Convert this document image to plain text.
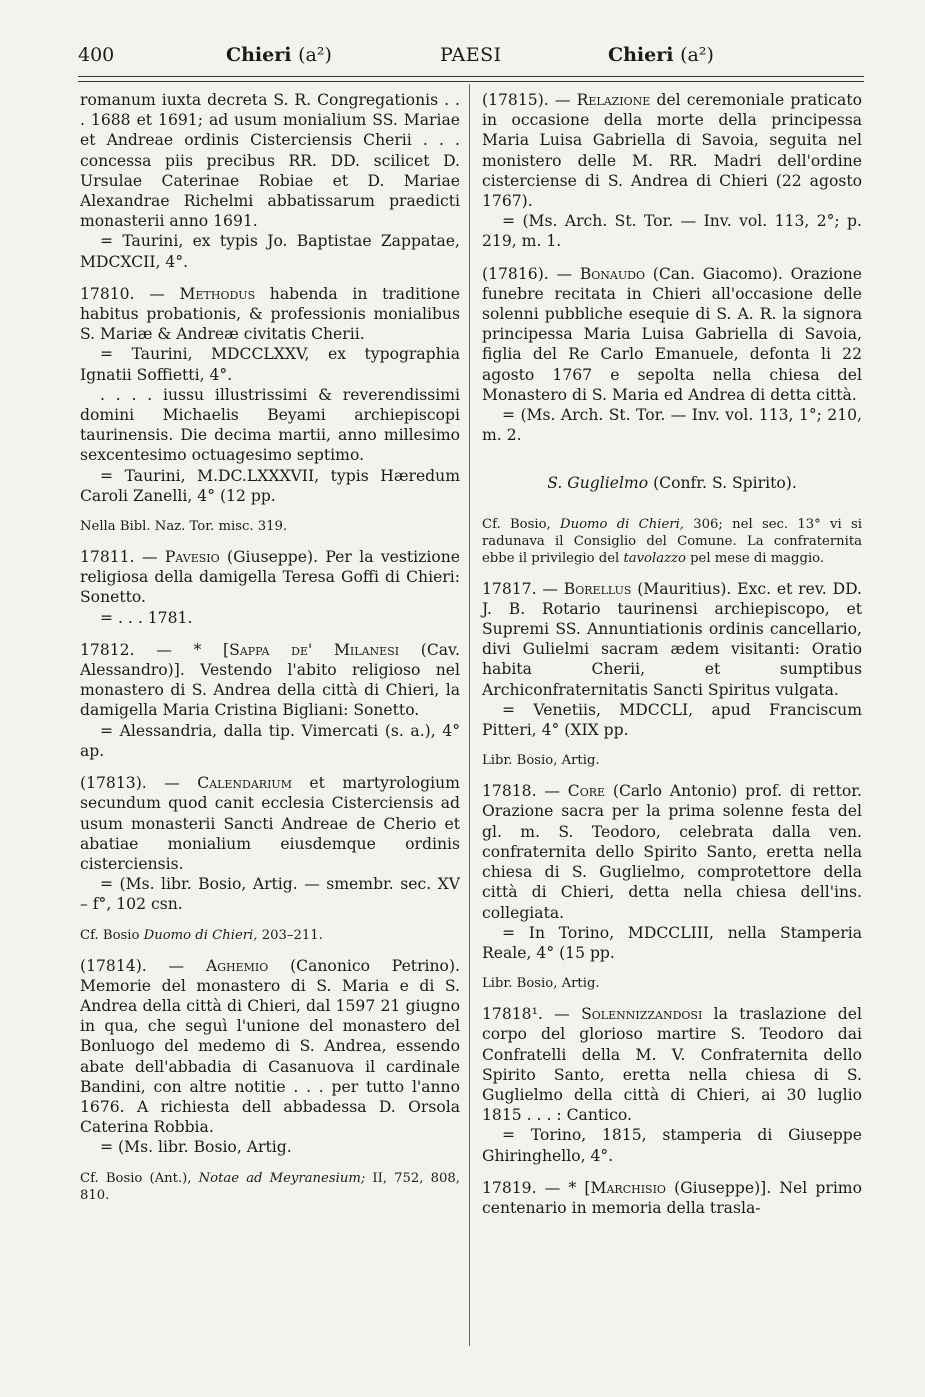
400	Chieri (a²)	PAESI	Chieri (a²)

romanum iuxta decreta S. R. Congregationis . . . 1688 et 1691; ad usum monialium SS. Mariae et Andreae ordinis Cisterciensis Cherii . . . concessa piis precibus RR. DD. scilicet D. Ursulae Caterinae Robiae et D. Mariae Alexandrae Richelmi abbatissarum praedicti monasterii anno 1691.

= Taurini, ex typis Jo. Baptistae Zappatae, MDCXCII, 4°.

17810. — Methodus habenda in traditione habitus probationis, & professionis monialibus S. Mariæ & Andreæ civitatis Cherii.

= Taurini, MDCCLXXV, ex typographia Ignatii Soffietti, 4°.

. . . . iussu illustrissimi & reverendissimi domini Michaelis Beyami archiepiscopi taurinensis. Die decima martii, anno millesimo sexcentesimo octuagesimo septimo.

= Taurini, M.DC.LXXXVII, typis Hæredum Caroli Zanelli, 4° (12 pp.

Nella Bibl. Naz. Tor. misc. 319.

17811. — Pavesio (Giuseppe). Per la vestizione religiosa della damigella Teresa Goffi di Chieri: Sonetto.

= . . . 1781.

17812. — * [Sappa de' Milanesi (Cav. Alessandro)]. Vestendo l'abito religioso nel monastero di S. Andrea della città di Chieri, la damigella Maria Cristina Bigliani: Sonetto.

= Alessandria, dalla tip. Vimercati (s. a.), 4° ap.

(17813). — Calendarium et martyrologium secundum quod canit ecclesia Cisterciensis ad usum monasterii Sancti Andreae de Cherio et abatiae monialium eiusdemque ordinis cisterciensis.

= (Ms. libr. Bosio, Artig. — smembr. sec. XV – f°, 102 csn.

Cf. Bosio Duomo di Chieri, 203–211.

(17814). — Aghemio (Canonico Petrino). Memorie del monastero di S. Maria e di S. Andrea della città di Chieri, dal 1597 21 giugno in qua, che seguì l'unione del monastero del Bonluogo del medemo di S. Andrea, essendo abate dell'abbadia di Casanuova il cardinale Bandini, con altre notitie . . . per tutto l'anno 1676. A richiesta dell abbadessa D. Orsola Caterina Robbia.

= (Ms. libr. Bosio, Artig.

Cf. Bosio (Ant.), Notae ad Meyranesium; II, 752, 808, 810.

(17815). — Relazione del ceremoniale praticato in occasione della morte della principessa Maria Luisa Gabriella di Savoia, seguita nel monistero delle M. RR. Madri dell'ordine cisterciense di S. Andrea di Chieri (22 agosto 1767).

= (Ms. Arch. St. Tor. — Inv. vol. 113, 2°; p. 219, m. 1.

(17816). — Bonaudo (Can. Giacomo). Orazione funebre recitata in Chieri all'occasione delle solenni pubbliche esequie di S. A. R. la signora principessa Maria Luisa Gabriella di Savoia, figlia del Re Carlo Emanuele, defonta li 22 agosto 1767 e sepolta nella chiesa del Monastero di S. Maria ed Andrea di detta città.

= (Ms. Arch. St. Tor. — Inv. vol. 113, 1°; 210, m. 2.

S. Guglielmo (Confr. S. Spirito).
Cf. Bosio, Duomo di Chieri, 306; nel sec. 13° vi si radunava il Consiglio del Comune. La confraternita ebbe il privilegio del tavolazzo pel mese di maggio.

17817. — Borellus (Mauritius). Exc. et rev. DD. J. B. Rotario taurinensi archiepiscopo, et Supremi SS. Annuntiationis ordinis cancellario, divi Gulielmi sacram ædem visitanti: Oratio habita Cherii, et sumptibus Archiconfraternitatis Sancti Spiritus vulgata.

= Venetiis, MDCCLI, apud Franciscum Pitteri, 4° (XIX pp.

Libr. Bosio, Artig.

17818. — Core (Carlo Antonio) prof. di rettor. Orazione sacra per la prima solenne festa del gl. m. S. Teodoro, celebrata dalla ven. confraternita dello Spirito Santo, eretta nella chiesa di S. Guglielmo, comprotettore della città di Chieri, detta nella chiesa dell'ins. collegiata.

= In Torino, MDCCLIII, nella Stamperia Reale, 4° (15 pp.

Libr. Bosio, Artig.

17818¹. — Solennizzandosi la traslazione del corpo del glorioso martire S. Teodoro dai Confratelli della M. V. Confraternita dello Spirito Santo, eretta nella chiesa di S. Guglielmo della città di Chieri, ai 30 luglio 1815 . . . : Cantico.

= Torino, 1815, stamperia di Giuseppe Ghiringhello, 4°.

17819. — * [Marchisio (Giuseppe)]. Nel primo centenario in memoria della trasla-
